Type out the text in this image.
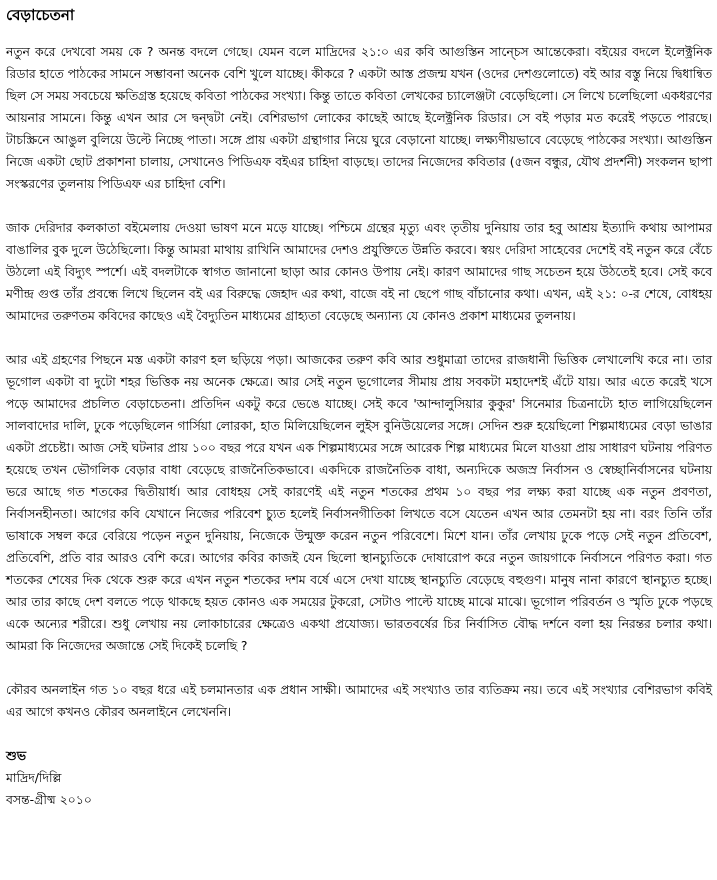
বেড়াচেতনা

নতুন করে দেখবো সময় কে ? অনন্ত বদলে গেছে। যেমন বলে মাদ্রিদের ২১:০ এর কবি আগুস্তিন সান্চেস আন্তেকেরা। বইয়ের বদলে ইলেক্ট্রনিক রিডার হাতে পাঠকের সামনে সম্ভাবনা অনেক বেশি খুলে যাচ্ছে। কীকরে ? একটা আস্ত প্রজন্ম যখন (ওদের দেশগুলোতে) বই আর বস্তু নিয়ে দ্বিধান্বিত ছিল সে সময় সবচেয়ে ক্ষতিগ্রস্ত হয়েছে কবিতা পাঠকের সংখ্যা। কিন্তু তাতে কবিতা লেখকের চ্যালেঞ্জটা বেড়েছিলো। সে লিখে চলেছিলো একধরণের আয়নার সামনে। কিন্তু এখন আর সে দ্বন্দ্বটা নেই। বেশিরভাগ লোকের কাছেই আছে ইলেক্ট্রনিক রিডার। সে বই পড়ার মত করেই পড়তে পারছে। টাচস্ক্রিনে আঙুল বুলিয়ে উল্টে নিচ্ছে পাতা। সঙ্গে প্রায় একটা গ্রন্থাগার নিয়ে ঘুরে বেড়ানো যাচ্ছে। লক্ষ্যণীয়ভাবে বেড়েছে পাঠকের সংখ্যা। আগুস্তিন নিজে একটা ছোট প্রকাশনা চালায়, সেখানেও পিডিএফ বইএর চাহিদা বাড়ছে। তাদের নিজেদের কবিতার (৫জন বন্ধুর, যৌথ প্রদর্শনী) সংকলন ছাপা সংস্করণের তুলনায় পিডিএফ এর চাহিদা বেশি।

জাক দেরিদার কলকাতা বইমেলায় দেওয়া ভাষণ মনে মড়ে যাচ্ছে। পশ্চিমে গ্রন্থের মৃত্যু এবং তৃতীয় দুনিয়ায় তার হবু আশ্রয় ইত্যাদি কথায় আপামর বাঙালির বুক দুলে উঠেছিলো। কিন্তু আমরা মাথায় রাখিনি আমাদের দেশও প্রযুক্তিতে উন্নতি করবে। স্বয়ং দেরিদা সাহেবের দেশেই বই নতুন করে বেঁচে উঠলো এই বিদ্যুৎ স্পর্শে। এই বদলটাকে স্বাগত জানানো ছাড়া আর কোনও উপায় নেই। কারণ আমাদের গাছ সচেতন হয়ে উঠতেই হবে। সেই কবে মণীন্দ্র গুপ্ত তাঁর প্রবন্ধে লিখে ছিলেন বই এর বিরুদ্ধে জেহাদ এর কথা, বাজে বই না ছেপে গাছ বাঁচানোর কথা। এখন, এই ২১: ০-র শেষে, বোধহয় আমাদের তরুণতম কবিদের কাছেও এই বৈদ্যুতিন মাধ্যমের গ্রাহ্যতা বেড়েছে অন্যান্য যে কোনও প্রকাশ মাধ্যমের তুলনায়।

আর এই গ্রহণের পিছনে মস্ত একটা কারণ হল ছড়িয়ে পড়া। আজকের তরুণ কবি আর শুধুমাত্রা তাদের রাজধানী ভিত্তিক লেখালেখি করে না। তার ভূগোল একটা বা দুটো শহর ভিত্তিক নয় অনেক ক্ষেত্রে। আর সেই নতুন ভূগোলের সীমায় প্রায় সবকটা মহাদেশই এঁটে যায়। আর এতে করেই খসে পড়ে আমাদের প্রচলিত বেড়াচেতনা। প্রতিদিন একটু করে ভেঙে যাচ্ছে। সেই কবে 'আন্দালুসিয়ার কুকুর' সিনেমার চিত্রনাট্যে হাত লাগিয়েছিলেন সালবাদোর দালি, ঢুকে পড়েছিলেন গার্সিয়া লোরকা, হাত মিলিয়েছিলেন লুইস বুনিউয়েলের সঙ্গে। সেদিন শুরু হয়েছিলো শিল্পমাধ্যমের বেড়া ভাঙার একটা প্রচেষ্টা। আজ সেই ঘটনার প্রায় ১০০ বছর পরে যখন এক শিল্পমাধ্যমের সঙ্গে আরেক শিল্প মাধ্যমের মিলে যাওয়া প্রায় সাধারণ ঘটনায় পরিণত হয়েছে তখন ভৌগলিক বেড়ার বাধা বেড়েছে রাজনৈতিকভাবে। একদিকে রাজনৈতিক বাধা, অন্যদিকে অজস্র নির্বাসন ও স্বেচ্ছানির্বাসনের ঘটনায় ভরে আছে গত শতকের দ্বিতীয়ার্ধ। আর বোধহয় সেই কারণেই এই নতুন শতকের প্রথম ১০ বছর পর লক্ষ্য করা যাচ্ছে এক নতুন প্রবণতা, নির্বাসনহীনতা। আগের কবি যেখানে নিজের পরিবেশ চ্যুত হলেই নির্বাসনগীতিকা লিখতে বসে যেতেন এখন আর তেমনটা হয় না। বরং তিনি তাঁর ভাষাকে সম্বল করে বেরিয়ে পড়েন নতুন দুনিয়ায়, নিজেকে উন্মুক্ত করেন নতুন পরিবেশে। মিশে যান। তাঁর লেখায় ঢুকে পড়ে সেই নতুন প্রতিবেশ, প্রতিবেশি, প্রতি বার আরও বেশি করে। আগের কবির কাজই যেন ছিলো স্থানচ্যুতিকে দোষারোপ করে নতুন জায়গাকে নির্বাসনে পরিণত করা। গত শতকের শেষের দিক থেকে শুরু করে এখন নতুন শতকের দশম বর্ষে এসে দেখা যাচ্ছে স্থানচ্যুতি বেড়েছে বহুগুণ। মানুষ নানা কারণে স্থানচ্যুত হচ্ছে। আর তার কাছে দেশ বলতে পড়ে থাকছে হয়ত কোনও এক সময়ের টুকরো, সেটাও পাল্টে যাচ্ছে মাঝে মাঝে। ভূগোল পরিবর্তন ও স্মৃতি ঢুকে পড়ছে একে অন্যের শরীরে। শুধু লেখায় নয় লোকাচারের ক্ষেত্রেও একথা প্রযোজ্য। ভারতবর্ষের চির নির্বাসিত বৌদ্ধ দর্শনে বলা হয় নিরন্তর চলার কথা। আমরা কি নিজেদের অজান্তে সেই দিকেই চলেছি ?

কৌরব অনলাইন গত ১০ বছর ধরে এই চলমানতার এক প্রধান সাক্ষী। আমাদের এই সংখ্যাও তার ব্যতিক্রম নয়। তবে এই সংখ্যার বেশিরভাগ কবিই এর আগে কখনও কৌরব অনলাইনে লেখেননি।

শুভ
মাদ্রিদ/দিল্লি
বসন্ত-গ্রীষ্ম ২০১০
